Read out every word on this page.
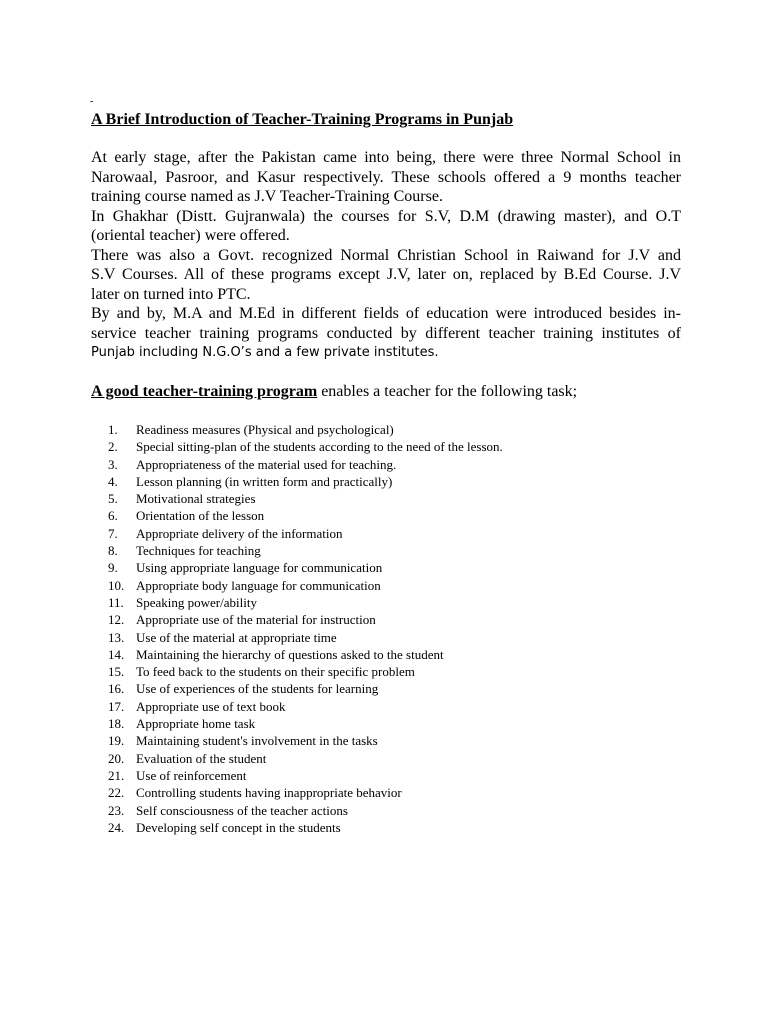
-
A Brief Introduction of Teacher-Training Programs in Punjab
At early stage, after the Pakistan came into being, there were three Normal School in
Narowaal, Pasroor, and Kasur respectively. These schools offered a 9 months teacher
training course named as J.V Teacher-Training Course.
In Ghakhar (Distt. Gujranwala) the courses for S.V, D.M (drawing master), and O.T
(oriental teacher) were offered.
There was also a Govt. recognized Normal Christian School in Raiwand for J.V and
S.V Courses. All of these programs except J.V, later on, replaced by B.Ed Course. J.V
later on turned into PTC.
By and by, M.A and M.Ed in different fields of education were introduced besides in-
service teacher training programs conducted by different teacher training institutes of
Punjab including N.G.O’s and a few private institutes.
A good teacher-training program enables a teacher for the following task;
1.	Readiness measures (Physical and psychological)
2.	Special sitting-plan of the students according to the need of the lesson.
3.	Appropriateness of the material used for teaching.
4.	Lesson planning (in written form and practically)
5.	Motivational strategies
6.	Orientation of the lesson
7.	Appropriate delivery of the information
8.	Techniques for teaching
9.	Using appropriate language for communication
10. Appropriate body language for communication
11. Speaking power/ability
12. Appropriate use of the material for instruction
13. Use of the material at appropriate time
14. Maintaining the hierarchy of questions asked to the student
15. To feed back to the students on their specific problem
16. Use of experiences of the students for learning
17. Appropriate use of text book
18. Appropriate home task
19. Maintaining student's involvement in the tasks
20. Evaluation of the student
21. Use of reinforcement
22. Controlling students having inappropriate behavior
23. Self consciousness of the teacher actions
24. Developing self concept in the students
